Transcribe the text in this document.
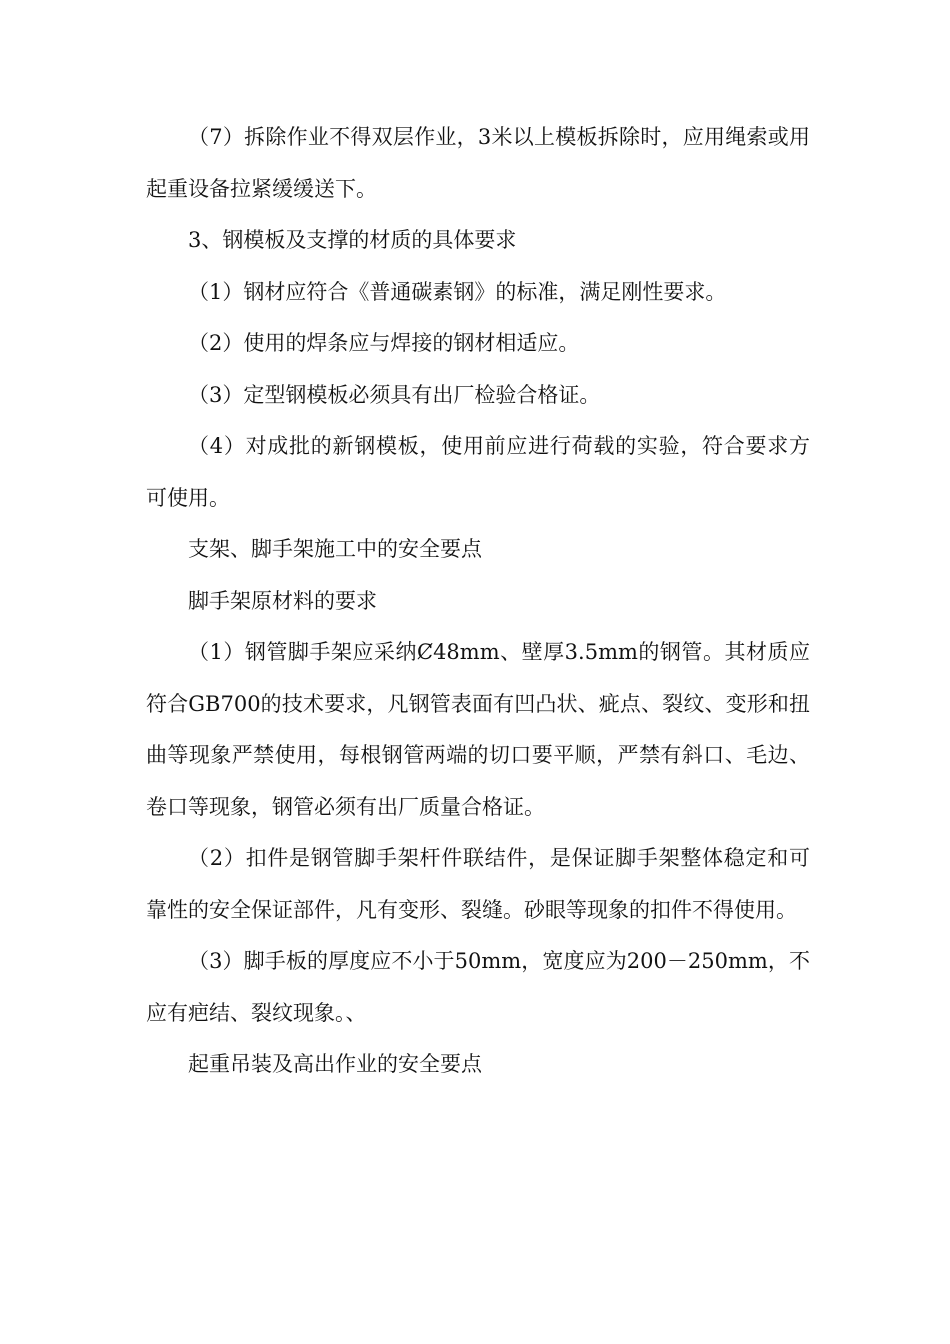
（7）拆除作业不得双层作业，3米以上模板拆除时，应用绳索或用起重设备拉紧缓缓送下。

3、钢模板及支撑的材质的具体要求

（1）钢材应符合《普通碳素钢》的标准，满足刚性要求。

（2）使用的焊条应与焊接的钢材相适应。

（3）定型钢模板必须具有出厂检验合格证。

（4）对成批的新钢模板，使用前应进行荷载的实验，符合要求方可使用。

支架、脚手架施工中的安全要点

脚手架原材料的要求

（1）钢管脚手架应采纳Ȼ48mm、壁厚3.5mm的钢管。其材质应符合GB700的技术要求，凡钢管表面有凹凸状、疵点、裂纹、变形和扭曲等现象严禁使用，每根钢管两端的切口要平顺，严禁有斜口、毛边、卷口等现象，钢管必须有出厂质量合格证。

（2）扣件是钢管脚手架杆件联结件，是保证脚手架整体稳定和可靠性的安全保证部件，凡有变形、裂缝。砂眼等现象的扣件不得使用。

（3）脚手板的厚度应不小于50mm，宽度应为200－250mm，不应有疤结、裂纹现象。、

起重吊装及高出作业的安全要点
